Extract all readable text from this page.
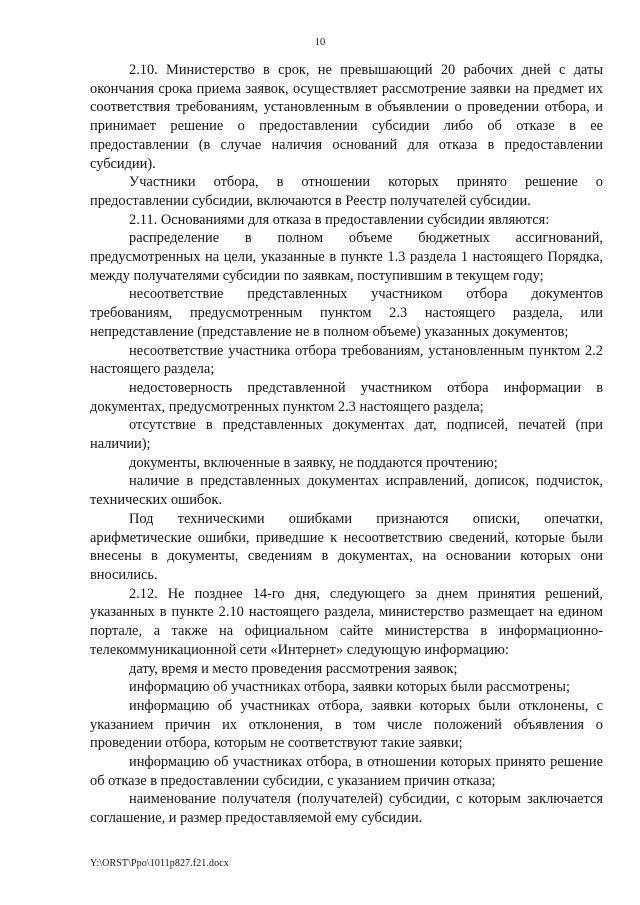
10

2.10. Министерство в срок, не превышающий 20 рабочих дней с даты окончания срока приема заявок, осуществляет рассмотрение заявки на предмет их соответствия требованиям, установленным в объявлении о проведении отбора, и принимает решение о предоставлении субсидии либо об отказе в ее предоставлении (в случае наличия оснований для отказа в предоставлении субсидии).

Участники отбора, в отношении которых принято решение о предоставлении субсидии, включаются в Реестр получателей субсидии.

2.11. Основаниями для отказа в предоставлении субсидии являются:

распределение в полном объеме бюджетных ассигнований, предусмотренных на цели, указанные в пункте 1.3 раздела 1 настоящего Порядка, между получателями субсидии по заявкам, поступившим в текущем году;

несоответствие представленных участником отбора документов требованиям, предусмотренным пунктом 2.3 настоящего раздела, или непредставление (представление не в полном объеме) указанных документов;

несоответствие участника отбора требованиям, установленным пунктом 2.2 настоящего раздела;

недостоверность представленной участником отбора информации в документах, предусмотренных пунктом 2.3 настоящего раздела;

отсутствие в представленных документах дат, подписей, печатей (при наличии);

документы, включенные в заявку, не поддаются прочтению;

наличие в представленных документах исправлений, дописок, подчисток, технических ошибок.

Под техническими ошибками признаются описки, опечатки, арифметические ошибки, приведшие к несоответствию сведений, которые были внесены в документы, сведениям в документах, на основании которых они вносились.

2.12. Не позднее 14-го дня, следующего за днем принятия решений, указанных в пункте 2.10 настоящего раздела, министерство размещает на едином портале, а также на официальном сайте министерства в информационно-телекоммуникационной сети «Интернет» следующую информацию:

дату, время и место проведения рассмотрения заявок;

информацию об участниках отбора, заявки которых были рассмотрены;

информацию об участниках отбора, заявки которых были отклонены, с указанием причин их отклонения, в том числе положений объявления о проведении отбора, которым не соответствуют такие заявки;

информацию об участниках отбора, в отношении которых принято решение об отказе в предоставлении субсидии, с указанием причин отказа;

наименование получателя (получателей) субсидии, с которым заключается соглашение, и размер предоставляемой ему субсидии.

Y:\ORST\Ppo\1011p827.f21.docx
